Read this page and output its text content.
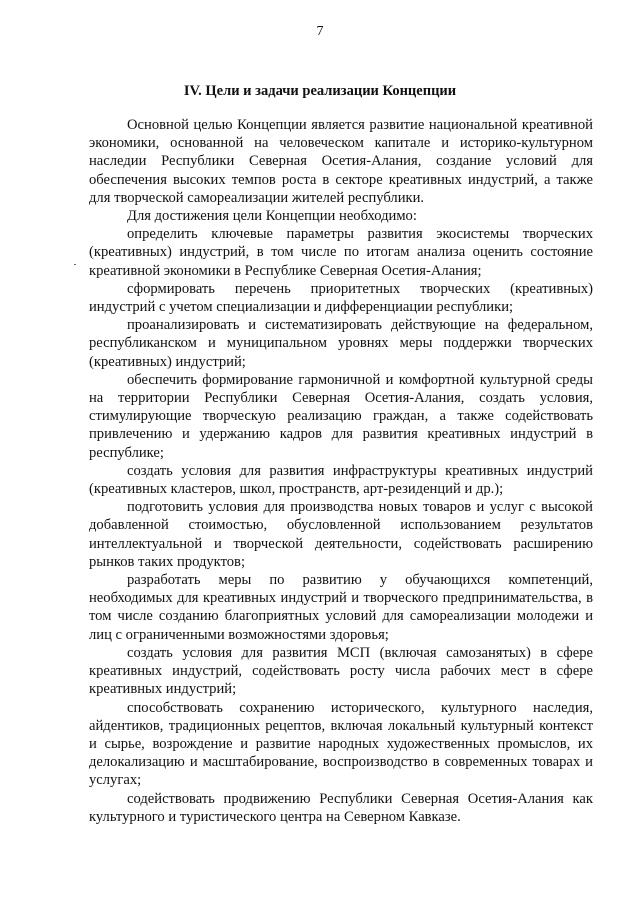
7
IV. Цели и задачи реализации Концепции

Основной целью Концепции является развитие национальной креативной экономики, основанной на человеческом капитале и историко-культурном наследии Республики Северная Осетия-Алания, создание условий для обеспечения высоких темпов роста в секторе креативных индустрий, а также для творческой самореализации жителей республики.

Для достижения цели Концепции необходимо:

определить ключевые параметры развития экосистемы творческих (креативных) индустрий, в том числе по итогам анализа оценить состояние креативной экономики в Республике Северная Осетия-Алания;

сформировать перечень приоритетных творческих (креативных) индустрий с учетом специализации и дифференциации республики;

проанализировать и систематизировать действующие на федеральном, республиканском и муниципальном уровнях меры поддержки творческих (креативных) индустрий;

обеспечить формирование гармоничной и комфортной культурной среды на территории Республики Северная Осетия-Алания, создать условия, стимулирующие творческую реализацию граждан, а также содействовать привлечению и удержанию кадров для развития креативных индустрий в республике;

создать условия для развития инфраструктуры креативных индустрий (креативных кластеров, школ, пространств, арт-резиденций и др.);

подготовить условия для производства новых товаров и услуг с высокой добавленной стоимостью, обусловленной использованием результатов интеллектуальной и творческой деятельности, содействовать расширению рынков таких продуктов;

разработать меры по развитию у обучающихся компетенций, необходимых для креативных индустрий и творческого предпринимательства, в том числе созданию благоприятных условий для самореализации молодежи и лиц с ограниченными возможностями здоровья;

создать условия для развития МСП (включая самозанятых) в сфере креативных индустрий, содействовать росту числа рабочих мест в сфере креативных индустрий;

способствовать сохранению исторического, культурного наследия, айдентиков, традиционных рецептов, включая локальный культурный контекст и сырье, возрождение и развитие народных художественных промыслов, их делокализацию и масштабирование, воспроизводство в современных товарах и услугах;

содействовать продвижению Республики Северная Осетия-Алания как культурного и туристического центра на Северном Кавказе.
